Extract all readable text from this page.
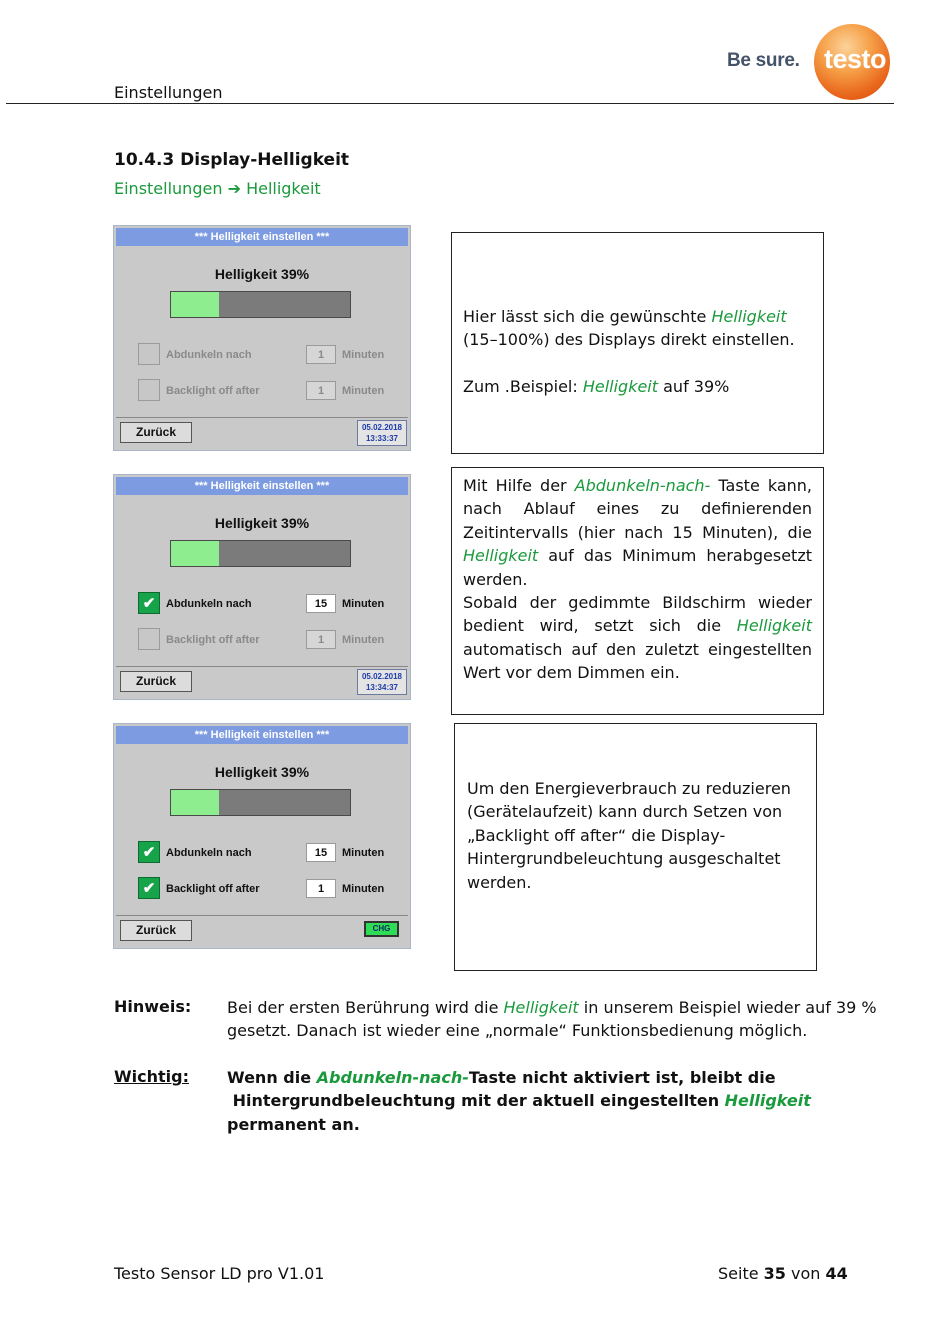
Be sure. testo
Einstellungen
10.4.3 Display-Helligkeit
Einstellungen ➔ Helligkeit
*** Helligkeit einstellen ***
Helligkeit 39%
Abdunkeln nach	1	Minuten
Backlight off after	1	Minuten
Zurück	05.02.2018
13:33:37
*** Helligkeit einstellen ***
Helligkeit 39%
✔ Abdunkeln nach	15	Minuten
Backlight off after	1	Minuten
Zurück	05.02.2018
13:34:37
*** Helligkeit einstellen ***
Helligkeit 39%
✔ Abdunkeln nach	15	Minuten
✔ Backlight off after	1	Minuten
Zurück	CHG

Hier lässt sich die gewünschte Helligkeit

(15–100%) des Displays direkt einstellen.

Zum .Beispiel: Helligkeit auf 39%

Mit Hilfe der Abdunkeln-nach- Taste kann, nach Ablauf eines zu definierenden Zeitintervalls (hier nach 15 Minuten), die Helligkeit auf das Minimum herabgesetzt werden.

Sobald der gedimmte Bildschirm wieder bedient wird, setzt sich die Helligkeit automatisch auf den zuletzt eingestellten Wert vor dem Dimmen ein.

Um den Energieverbrauch zu reduzieren

(Gerätelaufzeit) kann durch Setzen von

„Backlight off after“ die Display-

Hintergrundbeleuchtung ausgeschaltet

werden.

Hinweis: Bei der ersten Berührung wird die Helligkeit in unserem Beispiel wieder auf 39 %
gesetzt. Danach ist wieder eine „normale“ Funktionsbedienung möglich.
Wichtig: Wenn die Abdunkeln-nach-Taste nicht aktiviert ist, bleibt die
Hintergrundbeleuchtung mit der aktuell eingestellten Helligkeit permanent an.
Testo Sensor LD pro V1.01	Seite 35 von 44
